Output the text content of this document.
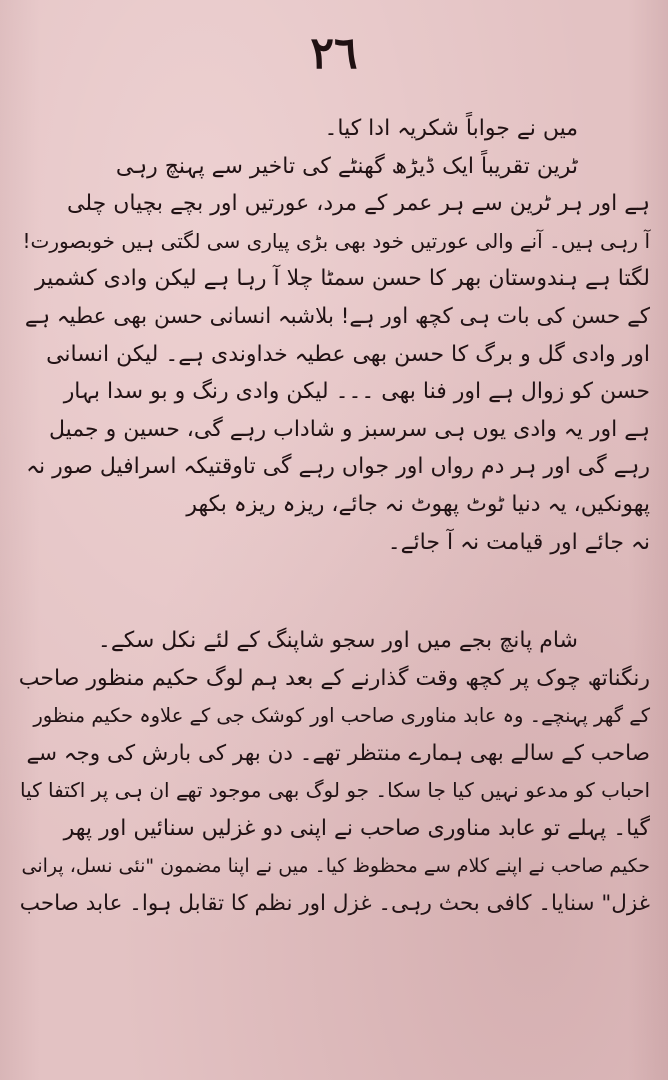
٢٦
میں نے جواباً شکریہ ادا کیا۔
ٹرین تقریباً ایک ڈیڑھ گھنٹے کی تاخیر سے پہنچ رہی
ہے اور ہر ٹرین سے ہر عمر کے مرد، عورتیں اور بچے بچیاں چلی
آ رہی ہیں۔ آنے والی عورتیں خود بھی بڑی پیاری سی لگتی ہیں خوبصورت!
لگتا ہے ہندوستان بھر کا حسن سمٹا چلا آ رہا ہے لیکن وادی کشمیر
کے حسن کی بات ہی کچھ اور ہے! بلاشبہ انسانی حسن بھی عطیہ ہے
اور وادی گل و برگ کا حسن بھی عطیہ خداوندی ہے۔ لیکن انسانی
حسن کو زوال ہے اور فنا بھی ۔۔۔ لیکن وادی رنگ و بو سدا بہار
ہے اور یہ وادی یوں ہی سرسبز و شاداب رہے گی، حسین و جمیل
رہے گی اور ہر دم رواں اور جواں رہے گی تاوقتیکہ اسرافیل صور نہ
پھونکیں، یہ دنیا ٹوٹ پھوٹ نہ جائے، ریزہ ریزہ بکھر
نہ جائے اور قیامت نہ آ جائے۔
شام پانچ بجے میں اور سجو شاپنگ کے لئے نکل سکے۔
رنگناتھ چوک پر کچھ وقت گذارنے کے بعد ہم لوگ حکیم منظور صاحب
کے گھر پہنچے۔ وہ عابد مناوری صاحب اور کوشک جی کے علاوہ حکیم منظور
صاحب کے سالے بھی ہمارے منتظر تھے۔ دن بھر کی بارش کی وجہ سے
احباب کو مدعو نہیں کیا جا سکا۔ جو لوگ بھی موجود تھے ان ہی پر اکتفا کیا
گیا۔ پہلے تو عابد مناوری صاحب نے اپنی دو غزلیں سنائیں اور پھر
حکیم صاحب نے اپنے کلام سے محظوظ کیا۔ میں نے اپنا مضمون "نئی نسل، پرانی
غزل" سنایا۔ کافی بحث رہی۔ غزل اور نظم کا تقابل ہوا۔ عابد صاحب
